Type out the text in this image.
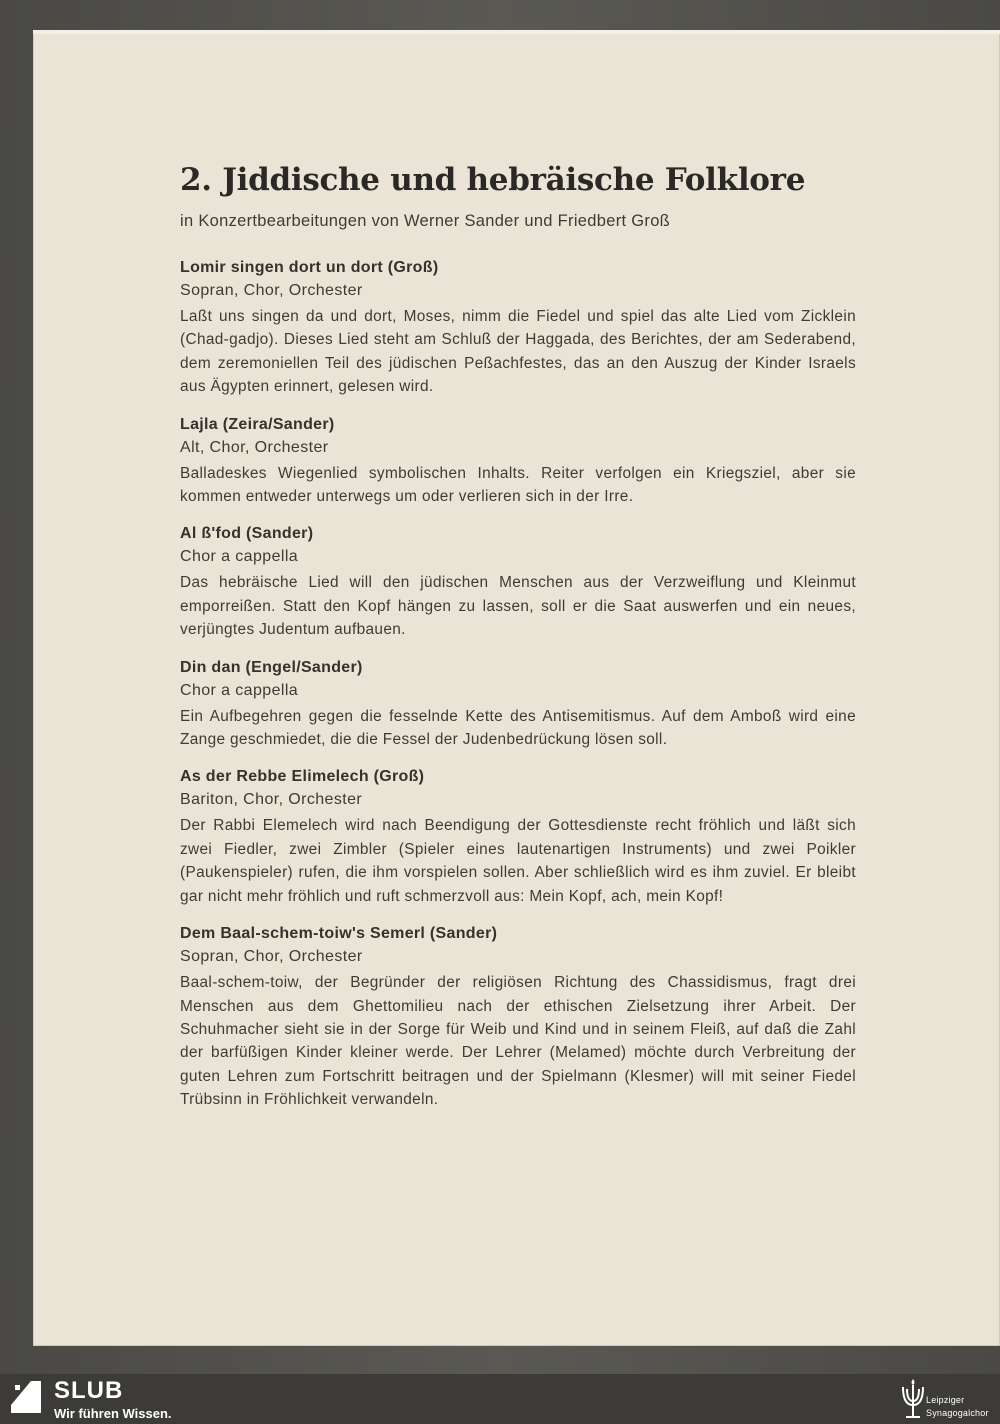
2. Jiddische und hebräische Folklore

in Konzertbearbeitungen von Werner Sander und Friedbert Groß

Lomir singen dort un dort (Groß)
Sopran, Chor, Orchester
Laßt uns singen da und dort, Moses, nimm die Fiedel und spiel das alte Lied vom Zicklein (Chad-gadjo). Dieses Lied steht am Schluß der Haggada, des Berichtes, der am Sederabend, dem zeremoniellen Teil des jüdischen Peßachfestes, das an den Auszug der Kinder Israels aus Ägypten erinnert, gelesen wird.
Lajla (Zeira/Sander)
Alt, Chor, Orchester
Balladeskes Wiegenlied symbolischen Inhalts. Reiter verfolgen ein Kriegsziel, aber sie kommen entweder unterwegs um oder verlieren sich in der Irre.
Al ß'fod (Sander)
Chor a cappella
Das hebräische Lied will den jüdischen Menschen aus der Verzweiflung und Kleinmut emporreißen. Statt den Kopf hängen zu lassen, soll er die Saat auswerfen und ein neues, verjüngtes Judentum aufbauen.
Din dan (Engel/Sander)
Chor a cappella
Ein Aufbegehren gegen die fesselnde Kette des Antisemitismus. Auf dem Amboß wird eine Zange geschmiedet, die die Fessel der Judenbedrückung lösen soll.
As der Rebbe Elimelech (Groß)
Bariton, Chor, Orchester
Der Rabbi Elemelech wird nach Beendigung der Gottesdienste recht fröhlich und läßt sich zwei Fiedler, zwei Zimbler (Spieler eines lautenartigen Instruments) und zwei Poikler (Paukenspieler) rufen, die ihm vorspielen sollen. Aber schließlich wird es ihm zuviel. Er bleibt gar nicht mehr fröhlich und ruft schmerzvoll aus: Mein Kopf, ach, mein Kopf!
Dem Baal-schem-toiw's Semerl (Sander)
Sopran, Chor, Orchester
Baal-schem-toiw, der Begründer der religiösen Richtung des Chassidismus, fragt drei Menschen aus dem Ghettomilieu nach der ethischen Zielsetzung ihrer Arbeit. Der Schuhmacher sieht sie in der Sorge für Weib und Kind und in seinem Fleiß, auf daß die Zahl der barfüßigen Kinder kleiner werde. Der Lehrer (Melamed) möchte durch Verbreitung der guten Lehren zum Fortschritt beitragen und der Spielmann (Klesmer) will mit seiner Fiedel Trübsinn in Fröhlichkeit verwandeln.
SLUB
Wir führen Wissen.
Leipziger
Synagogalchor
